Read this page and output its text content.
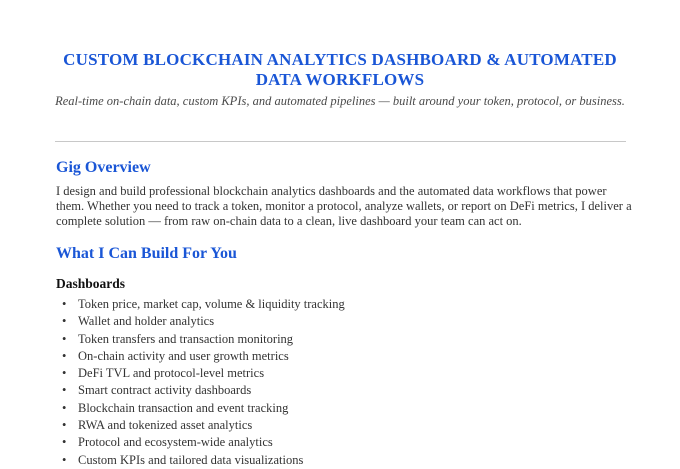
CUSTOM BLOCKCHAIN ANALYTICS DASHBOARD & AUTOMATED DATA WORKFLOWS
Real-time on-chain data, custom KPIs, and automated pipelines — built around your token, protocol, or business.
Gig Overview

I design and build professional blockchain analytics dashboards and the automated data workflows that power them. Whether you need to track a token, monitor a protocol, analyze wallets, or report on DeFi metrics, I deliver a complete solution — from raw on-chain data to a clean, live dashboard your team can act on.

What I Can Build For You
Dashboards
• Token price, market cap, volume & liquidity tracking
• Wallet and holder analytics
• Token transfers and transaction monitoring
• On-chain activity and user growth metrics
• DeFi TVL and protocol-level metrics
• Smart contract activity dashboards
• Blockchain transaction and event tracking
• RWA and tokenized asset analytics
• Protocol and ecosystem-wide analytics
• Custom KPIs and tailored data visualizations
